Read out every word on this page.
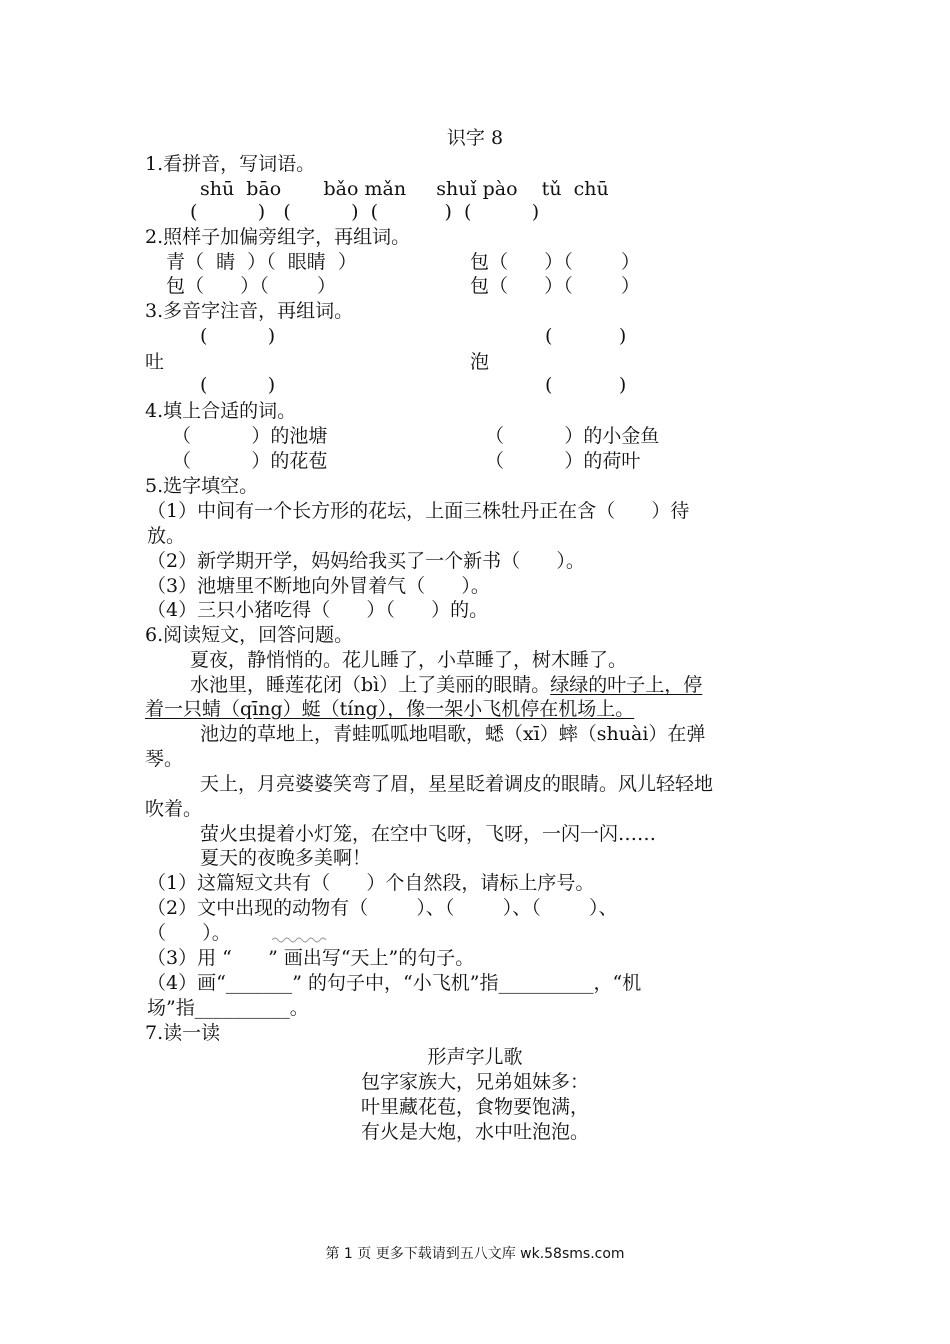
识字 8
1.看拼音，写词语。
shū  bāo       bǎo mǎn     shuǐ pào    tǔ  chū
(          )   (          )  (           )  (          )
2.照样子加偏旁组字，再组词。
青（  睛  ）（  眼睛  ）	包（      ）（        ）
包（      ）（        ）	包（      ）（        ）
3.多音字注音，再组词。
(          )	(           )
吐	泡
(          )	(           )
4.填上合适的词。
（          ）的池塘	（          ）的小金鱼
（          ）的花苞	（          ）的荷叶
5.选字填空。
（1）中间有一个长方形的花坛，上面三株牡丹正在含（      ）待
放。
（2）新学期开学，妈妈给我买了一个新书（      ）。
（3）池塘里不断地向外冒着气（      ）。
（4）三只小猪吃得（      ）（      ）的。
6.阅读短文，回答问题。
夏夜，静悄悄的。花儿睡了，小草睡了，树木睡了。
水池里，睡莲花闭（bì）上了美丽的眼睛。绿绿的叶子上，停
着一只蜻（qīng）蜓（tíng），像一架小飞机停在机场上。
池边的草地上，青蛙呱呱地唱歌，蟋（xī）蟀（shuài）在弹
琴。
天上，月亮婆婆笑弯了眉，星星眨着调皮的眼睛。风儿轻轻地
吹着。
萤火虫提着小灯笼，在空中飞呀，飞呀，一闪一闪……
夏天的夜晚多美啊！
（1）这篇短文共有（      ）个自然段，请标上序号。
（2）文中出现的动物有（        ）、（        ）、（        ）、
（      ）。
（3）用 “      ” 画出写“天上”的句子。
（4）画“_______” 的句子中，“小飞机”指__________，“机
场”指__________。
7.读一读
形声字儿歌
包字家族大，兄弟姐妹多：
叶里藏花苞，食物要饱满，
有火是大炮，水中吐泡泡。
第 1 页 更多下载请到五八文库 wk.58sms.com
